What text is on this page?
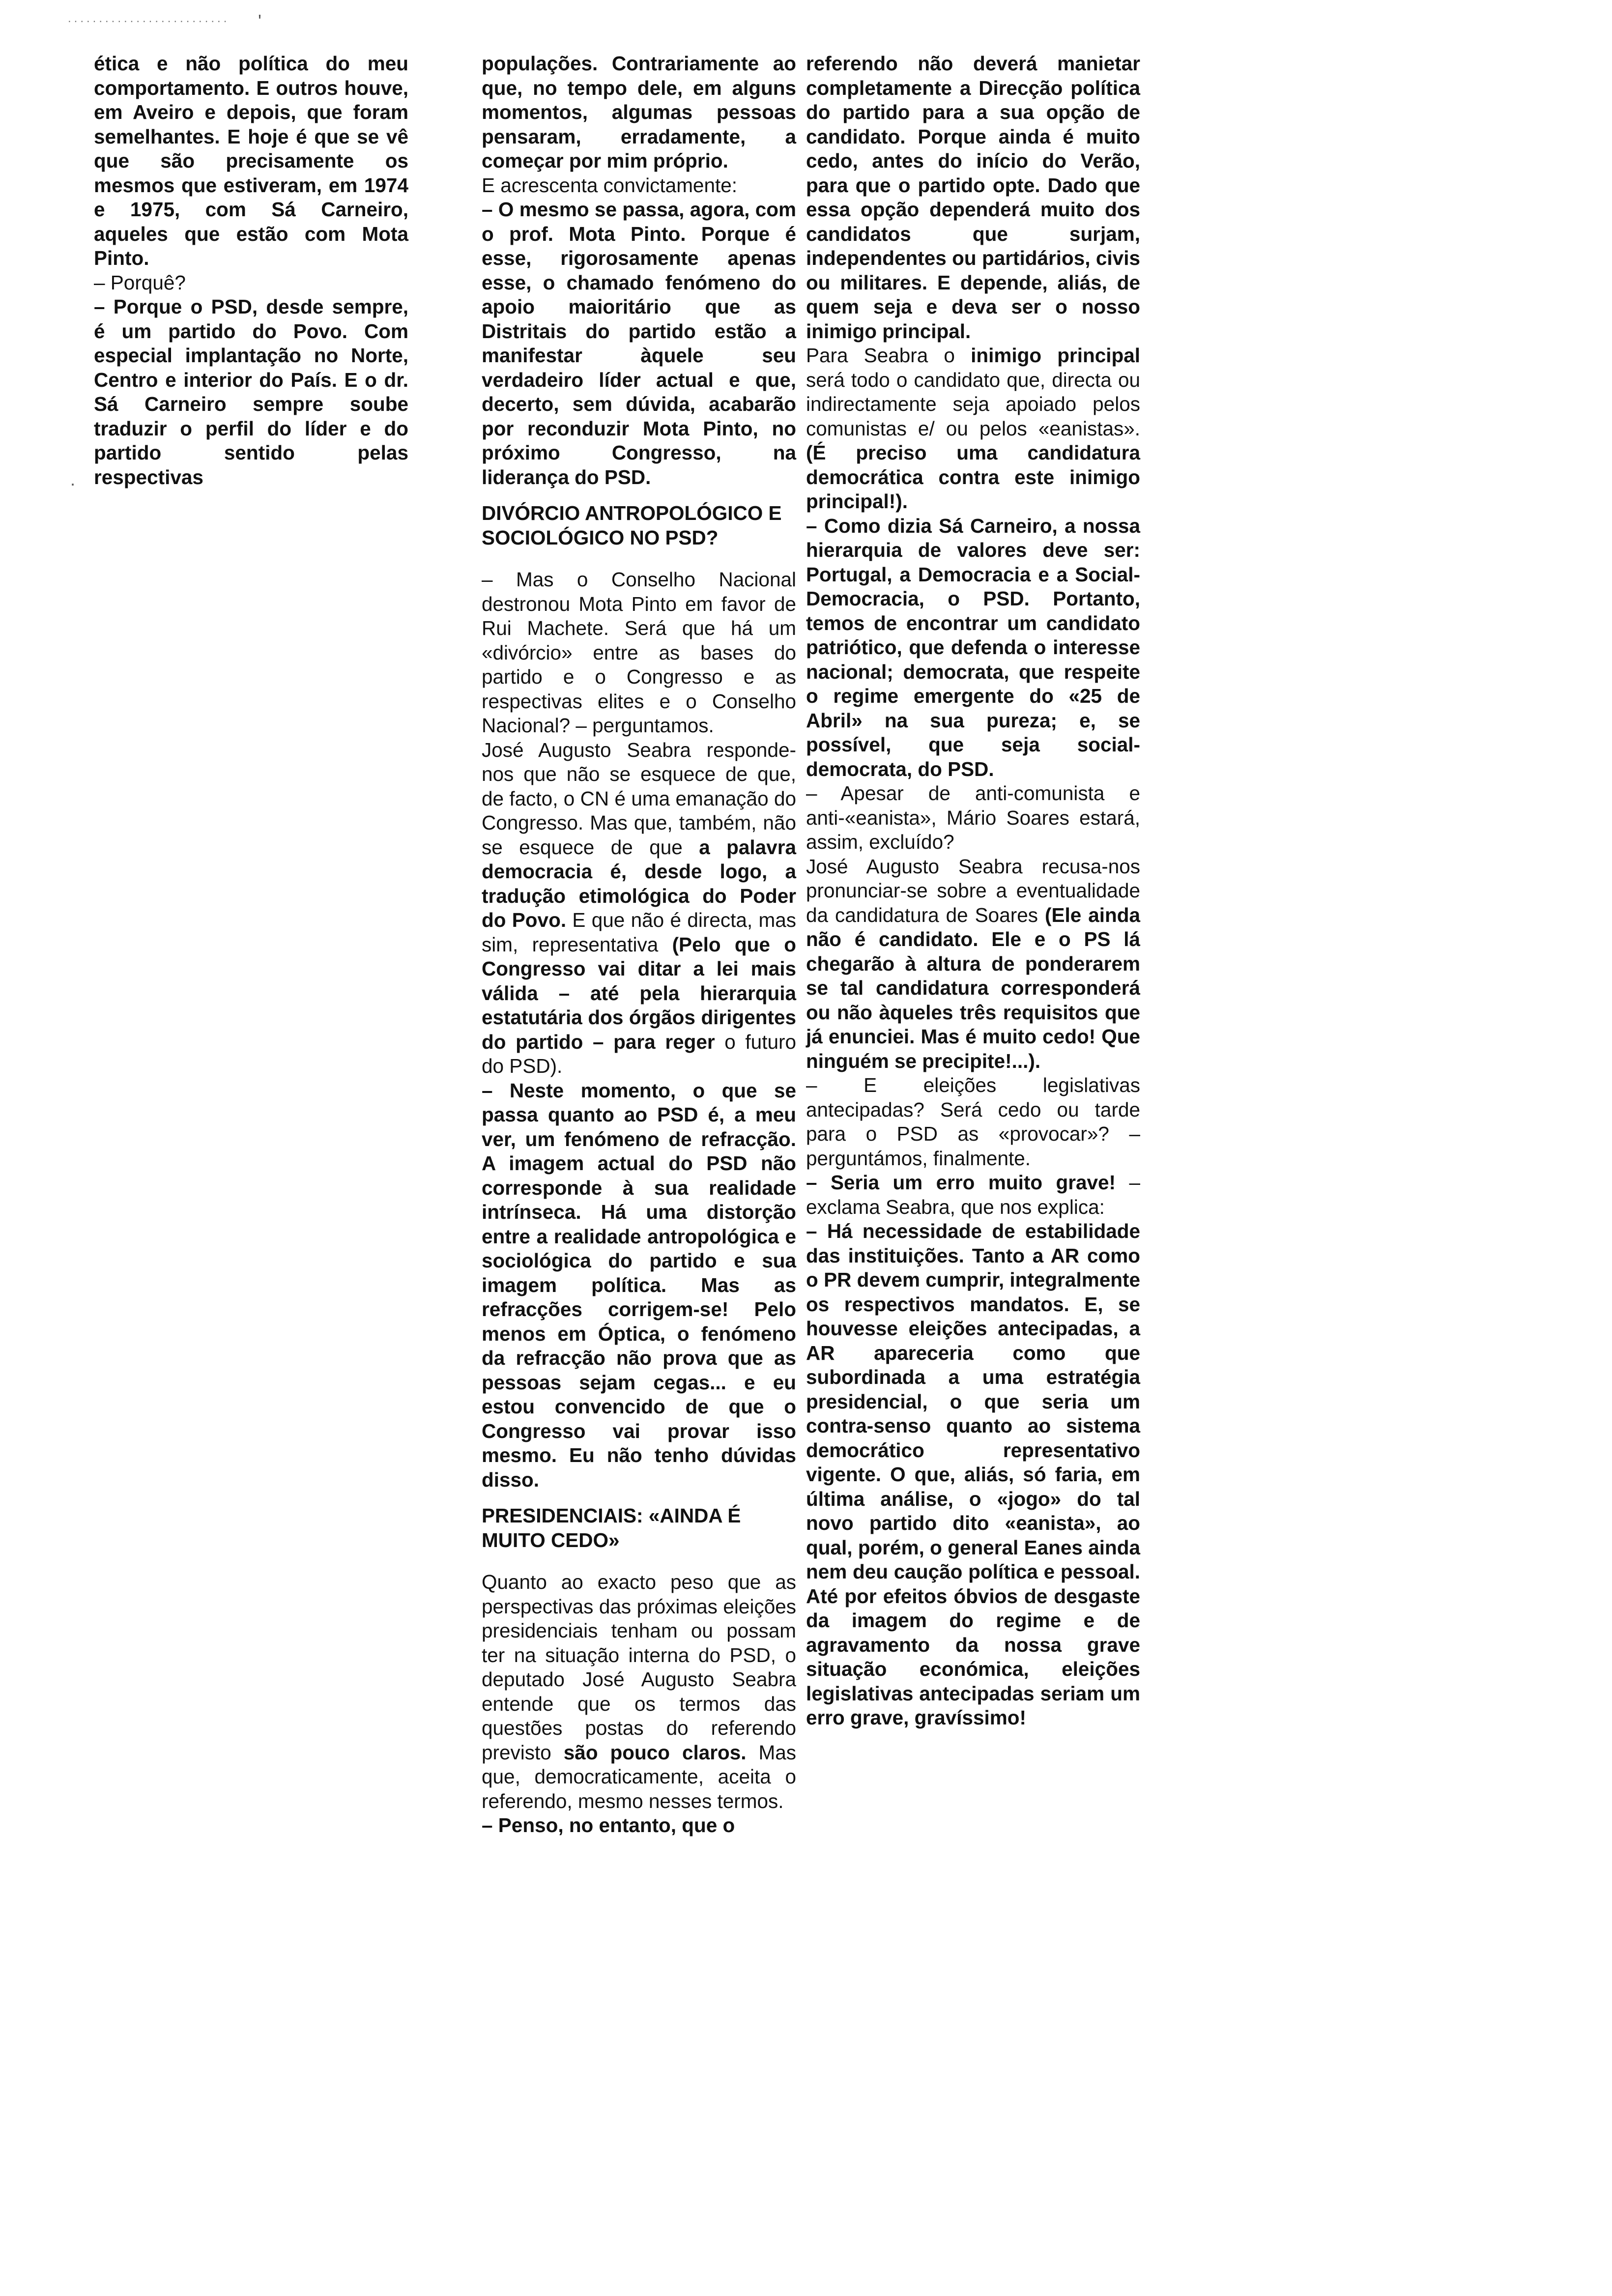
.......................... '
.

ética e não política do meu comportamento. E outros houve, em Aveiro e depois, que foram semelhantes. E hoje é que se vê que são precisamente os mesmos que estiveram, em 1974 e 1975, com Sá Carneiro, aqueles que estão com Mota Pinto.

– Porquê?

– Porque o PSD, desde sempre, é um partido do Povo. Com especial implantação no Norte, Centro e interior do País. E o dr. Sá Carneiro sempre soube traduzir o perfil do líder e do partido sentido pelas respectivas

populações. Contrariamente ao que, no tempo dele, em alguns momentos, algumas pessoas pensaram, erradamente, a começar por mim próprio.

E acrescenta convictamente:

– O mesmo se passa, agora, com o prof. Mota Pinto. Porque é esse, rigorosamente apenas esse, o chamado fenómeno do apoio maioritário que as Distritais do partido estão a manifestar àquele seu verdadeiro líder actual e que, decerto, sem dúvida, acabarão por reconduzir Mota Pinto, no próximo Congresso, na liderança do PSD.

DIVÓRCIO ANTROPOLÓGICO E SOCIOLÓGICO NO PSD?

– Mas o Conselho Nacional destronou Mota Pinto em favor de Rui Machete. Será que há um «divórcio» entre as bases do partido e o Congresso e as respectivas elites e o Conselho Nacional? – perguntamos.

José Augusto Seabra responde-nos que não se esquece de que, de facto, o CN é uma emanação do Congresso. Mas que, também, não se esquece de que a palavra democracia é, desde logo, a tradução etimológica do Poder do Povo. E que não é directa, mas sim, representativa (Pelo que o Congresso vai ditar a lei mais válida – até pela hierarquia estatutária dos órgãos dirigentes do partido – para reger o futuro do PSD).

– Neste momento, o que se passa quanto ao PSD é, a meu ver, um fenómeno de refracção. A imagem actual do PSD não corresponde à sua realidade intrínseca. Há uma distorção entre a realidade antropológica e sociológica do partido e sua imagem política. Mas as refracções corrigem-se! Pelo menos em Óptica, o fenómeno da refracção não prova que as pessoas sejam cegas... e eu estou convencido de que o Congresso vai provar isso mesmo. Eu não tenho dúvidas disso.

PRESIDENCIAIS: «AINDA É MUITO CEDO»

Quanto ao exacto peso que as perspectivas das próximas eleições presidenciais tenham ou possam ter na situação interna do PSD, o deputado José Augusto Seabra entende que os termos das questões postas do referendo previsto são pouco claros. Mas que, democraticamente, aceita o referendo, mesmo nesses termos.

– Penso, no entanto, que o

referendo não deverá manietar completamente a Direcção política do partido para a sua opção de candidato. Porque ainda é muito cedo, antes do início do Verão, para que o partido opte. Dado que essa opção dependerá muito dos candidatos que surjam, independentes ou partidários, civis ou militares. E depende, aliás, de quem seja e deva ser o nosso inimigo principal.

Para Seabra o inimigo principal será todo o candidato que, directa ou indirectamente seja apoiado pelos comunistas e/ ou pelos «eanistas». (É preciso uma candidatura democrática contra este inimigo principal!).

– Como dizia Sá Carneiro, a nossa hierarquia de valores deve ser: Portugal, a Democracia e a Social-Democracia, o PSD. Portanto, temos de encontrar um candidato patriótico, que defenda o interesse nacional; democrata, que respeite o regime emergente do «25 de Abril» na sua pureza; e, se possível, que seja social-democrata, do PSD.

– Apesar de anti-comunista e anti-«eanista», Mário Soares estará, assim, excluído?

José Augusto Seabra recusa-nos pronunciar-se sobre a eventualidade da candidatura de Soares (Ele ainda não é candidato. Ele e o PS lá chegarão à altura de ponderarem se tal candidatura corresponderá ou não àqueles três requisitos que já enunciei. Mas é muito cedo! Que ninguém se precipite!...).

– E eleições legislativas antecipadas? Será cedo ou tarde para o PSD as «provocar»? – perguntámos, finalmente.

– Seria um erro muito grave! – exclama Seabra, que nos explica:

– Há necessidade de estabilidade das instituições. Tanto a AR como o PR devem cumprir, integralmente os respectivos mandatos. E, se houvesse eleições antecipadas, a AR apareceria como que subordinada a uma estratégia presidencial, o que seria um contra-senso quanto ao sistema democrático representativo vigente. O que, aliás, só faria, em última análise, o «jogo» do tal novo partido dito «eanista», ao qual, porém, o general Eanes ainda nem deu caução política e pessoal. Até por efeitos óbvios de desgaste da imagem do regime e de agravamento da nossa grave situação económica, eleições legislativas antecipadas seriam um erro grave, gravíssimo!
